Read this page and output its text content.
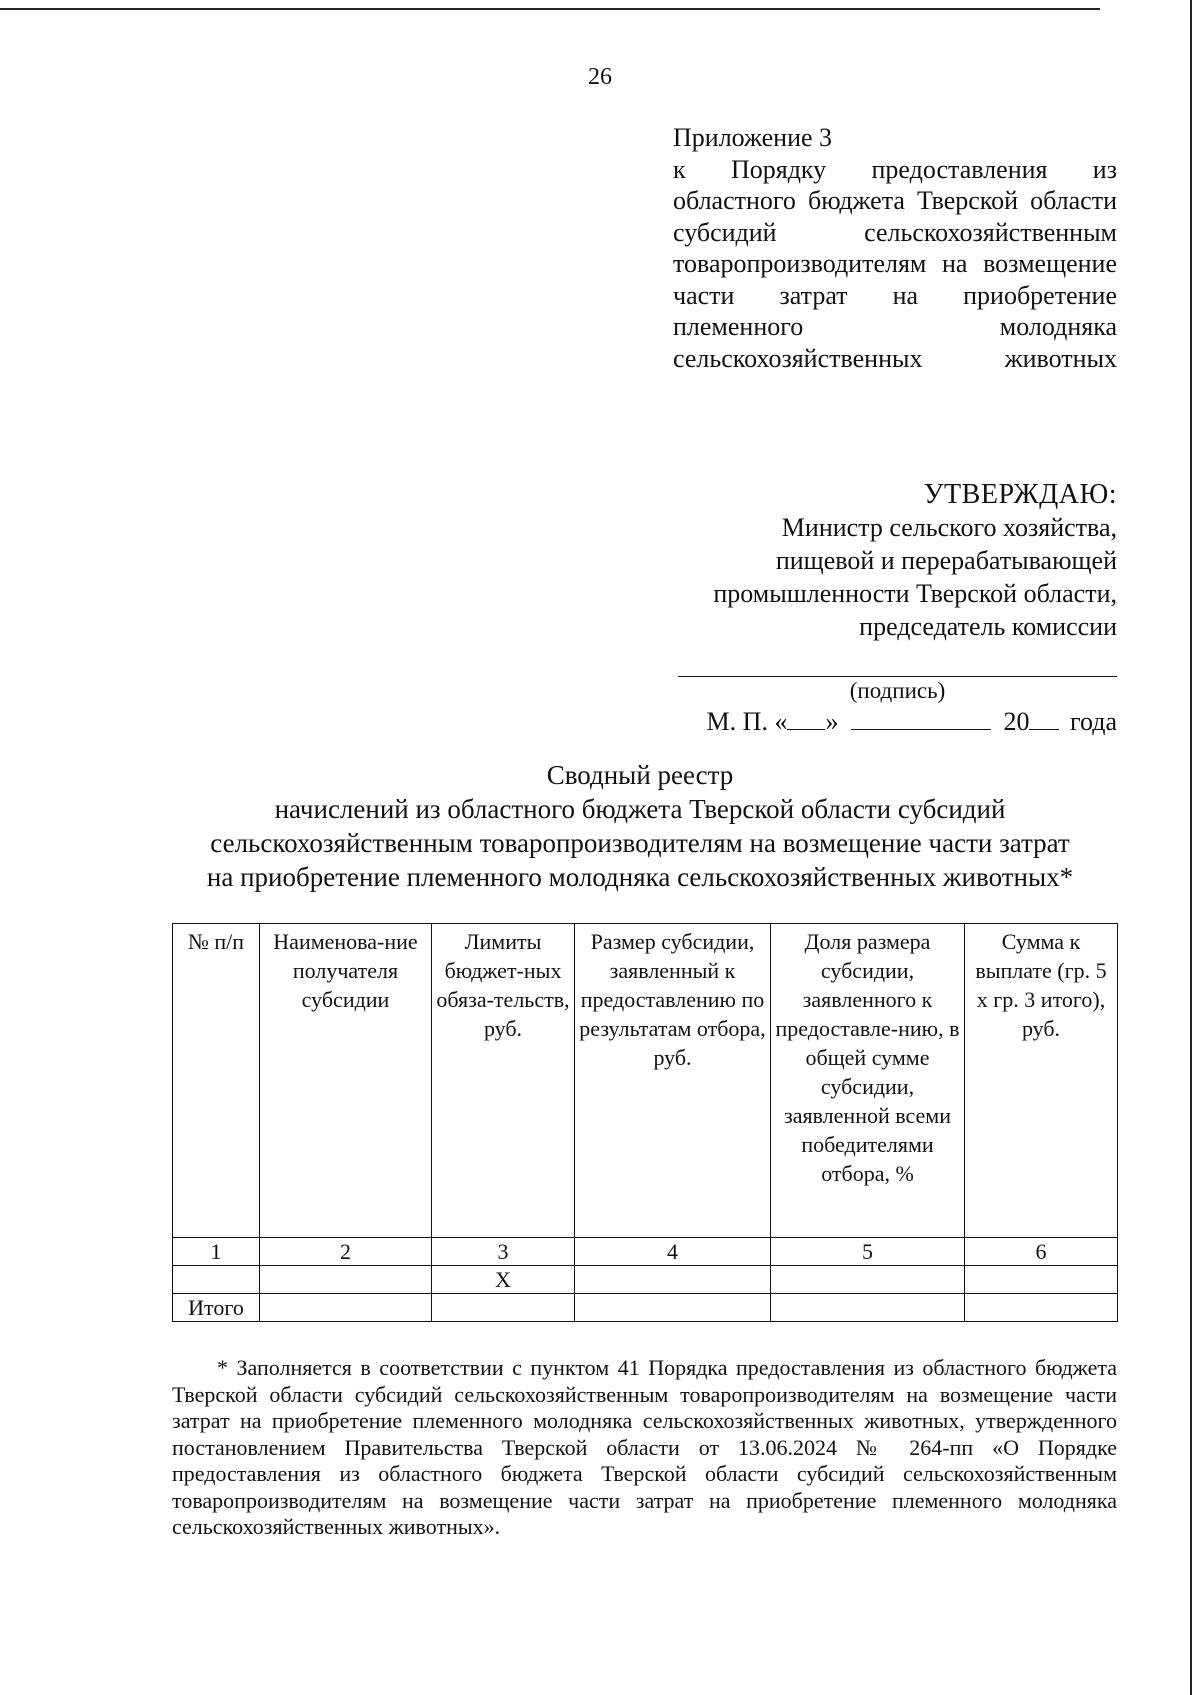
26
Приложение 3

к Порядку предоставления из областного бюджета Тверской области субсидий сельскохозяйственным товаропроизводителям на возмещение части затрат на приобретение племенного молодняка сельскохозяйственных животных

УТВЕРЖДАЮ:
Министр сельского хозяйства,
пищевой и перерабатывающей
промышленности Тверской области,
председатель комиссии
(подпись)
М. П. « »	20 года
Сводный реестр
начислений из областного бюджета Тверской области субсидий
сельскохозяйственным товаропроизводителям на возмещение части затрат
на приобретение племенного молодняка сельскохозяйственных животных*
№ п/п	Наименова-ние получателя субсидии	Лимиты бюджет-ных обяза-тельств, руб.	Размер субсидии, заявленный к предоставлению по результатам отбора, руб.	Доля размера субсидии, заявленного к предоставле-нию, в общей сумме субсидии, заявленной всеми победителями отбора, %	Сумма к выплате (гр. 5 x гр. 3 итого), руб.
1	2	3	4	5	6
		X			
Итого					
* Заполняется в соответствии с пунктом 41 Порядка предоставления из областного бюджета Тверской области субсидий сельскохозяйственным товаропроизводителям на возмещение части затрат на приобретение племенного молодняка сельскохозяйственных животных, утвержденного постановлением Правительства Тверской области от 13.06.2024 № 264-пп «О Порядке предоставления из областного бюджета Тверской области субсидий сельскохозяйственным товаропроизводителям на возмещение части затрат на приобретение племенного молодняка сельскохозяйственных животных».
